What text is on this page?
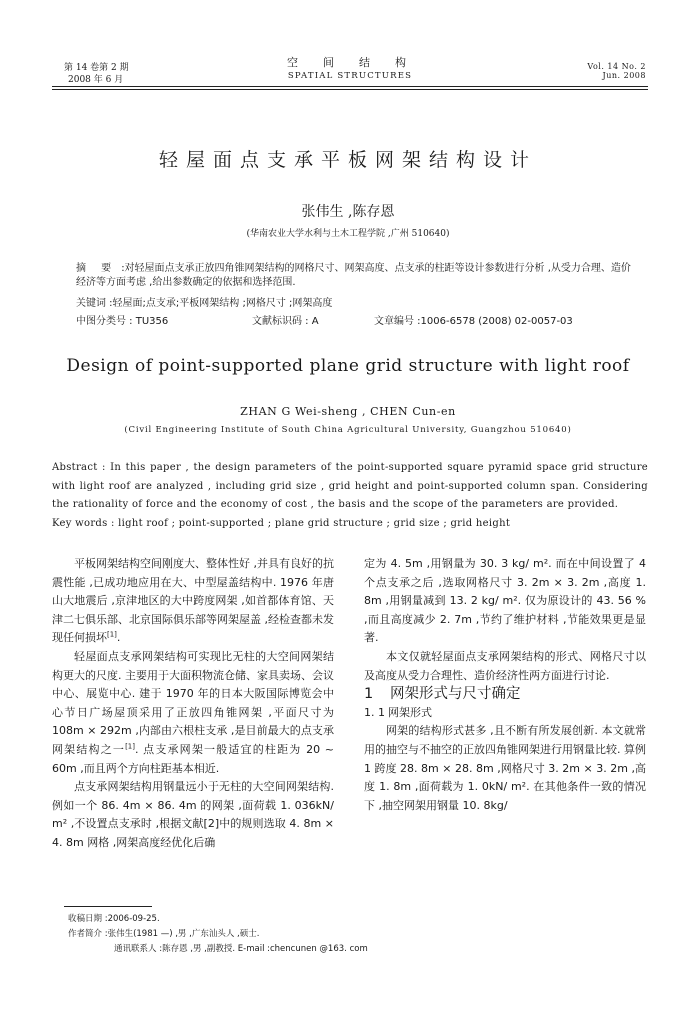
第 14 卷第 2 期
2008 年 6 月
空　间　结　构
SPATIAL STRUCTURES
Vol. 14 No. 2
Jun. 2008
轻屋面点支承平板网架结构设计
张伟生 ,陈存恩
(华南农业大学水利与土木工程学院 ,广州 510640)
摘 要 :对轻屋面点支承正放四角锥网架结构的网格尺寸、网架高度、点支承的柱距等设计参数进行分析 ,从受力合理、造价经济等方面考虑 ,给出参数确定的依据和选择范围.
关键词 :轻屋面;点支承;平板网架结构 ;网格尺寸 ;网架高度
中图分类号 : TU356	文献标识码 : A	文章编号 :1006-6578 (2008) 02-0057-03
Design of point-supported plane grid structure with light roof
ZHAN G Wei-sheng , CHEN Cun-en
(Civil Engineering Institute of South China Agricultural University, Guangzhou 510640)
Abstract : In this paper , the design parameters of the point-supported square pyramid space grid structure with light roof are analyzed , including grid size , grid height and point-supported column span. Considering the rationality of force and the economy of cost , the basis and the scope of the parameters are provided.
Key words : light roof ; point-supported ; plane grid structure ; grid size ; grid height

平板网架结构空间刚度大、整体性好 ,并具有良好的抗震性能 ,已成功地应用在大、中型屋盖结构中. 1976 年唐山大地震后 ,京津地区的大中跨度网架 ,如首都体育馆、天津二七俱乐部、北京国际俱乐部等网架屋盖 ,经检查都未发现任何损坏[1].

轻屋面点支承网架结构可实现比无柱的大空间网架结构更大的尺度. 主要用于大面积物流仓储、家具卖场、会议中心、展览中心. 建于 1970 年的日本大阪国际博览会中心节日广场屋顶采用了正放四角锥网架 ,平面尺寸为 108m × 292m ,内部由六根柱支承 ,是目前最大的点支承网架结构之一[1]. 点支承网架一般适宜的柱距为 20 ~ 60m ,而且两个方向柱距基本相近.

点支承网架结构用钢量远小于无柱的大空间网架结构. 例如一个 86. 4m × 86. 4m 的网架 ,面荷载 1. 036kN/ m² ,不设置点支承时 ,根据文献[2]中的规则选取 4. 8m × 4. 8m 网格 ,网架高度经优化后确

定为 4. 5m ,用钢量为 30. 3 kg/ m². 而在中间设置了 4 个点支承之后 ,选取网格尺寸 3. 2m × 3. 2m ,高度 1. 8m ,用钢量减到 13. 2 kg/ m². 仅为原设计的 43. 56 % ,而且高度减少 2. 7m ,节约了维护材料 ,节能效果更是显著.

本文仅就轻屋面点支承网架结构的形式、网格尺寸以及高度从受力合理性、造价经济性两方面进行讨论.

1 网架形式与尺寸确定

1. 1 网架形式

网架的结构形式甚多 ,且不断有所发展创新. 本文就常用的抽空与不抽空的正放四角锥网架进行用钢量比较. 算例 1 跨度 28. 8m × 28. 8m ,网格尺寸 3. 2m × 3. 2m ,高度 1. 8m ,面荷载为 1. 0kN/ m². 在其他条件一致的情况下 ,抽空网架用钢量 10. 8kg/

收稿日期 :2006-09-25.
作者简介 :张伟生(1981 —) ,男 ,广东汕头人 ,硕士.
通讯联系人 :陈存恩 ,男 ,副教授. E-mail :chencunen @163. com
